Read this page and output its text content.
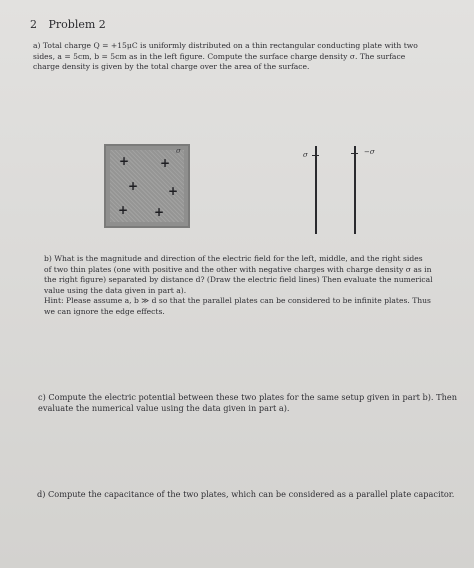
2 Problem 2
a) Total charge Q = +15μC is uniformly distributed on a thin rectangular conducting plate with two
sides, a = 5cm, b = 5cm as in the left figure. Compute the surface charge density σ. The surface
charge density is given by the total charge over the area of the surface.
σ
+	+
+ +
+ +
σ	−σ
b) What is the magnitude and direction of the electric field for the left, middle, and the right sides
of two thin plates (one with positive and the other with negative charges with charge density σ as in
the right figure) separated by distance d? (Draw the electric field lines) Then evaluate the numerical
value using the data given in part a).
Hint: Please assume a, b ≫ d so that the parallel plates can be considered to be infinite plates. Thus
we can ignore the edge effects.
c) Compute the electric potential between these two plates for the same setup given in part b). Then
evaluate the numerical value using the data given in part a).
d) Compute the capacitance of the two plates, which can be considered as a parallel plate capacitor.
